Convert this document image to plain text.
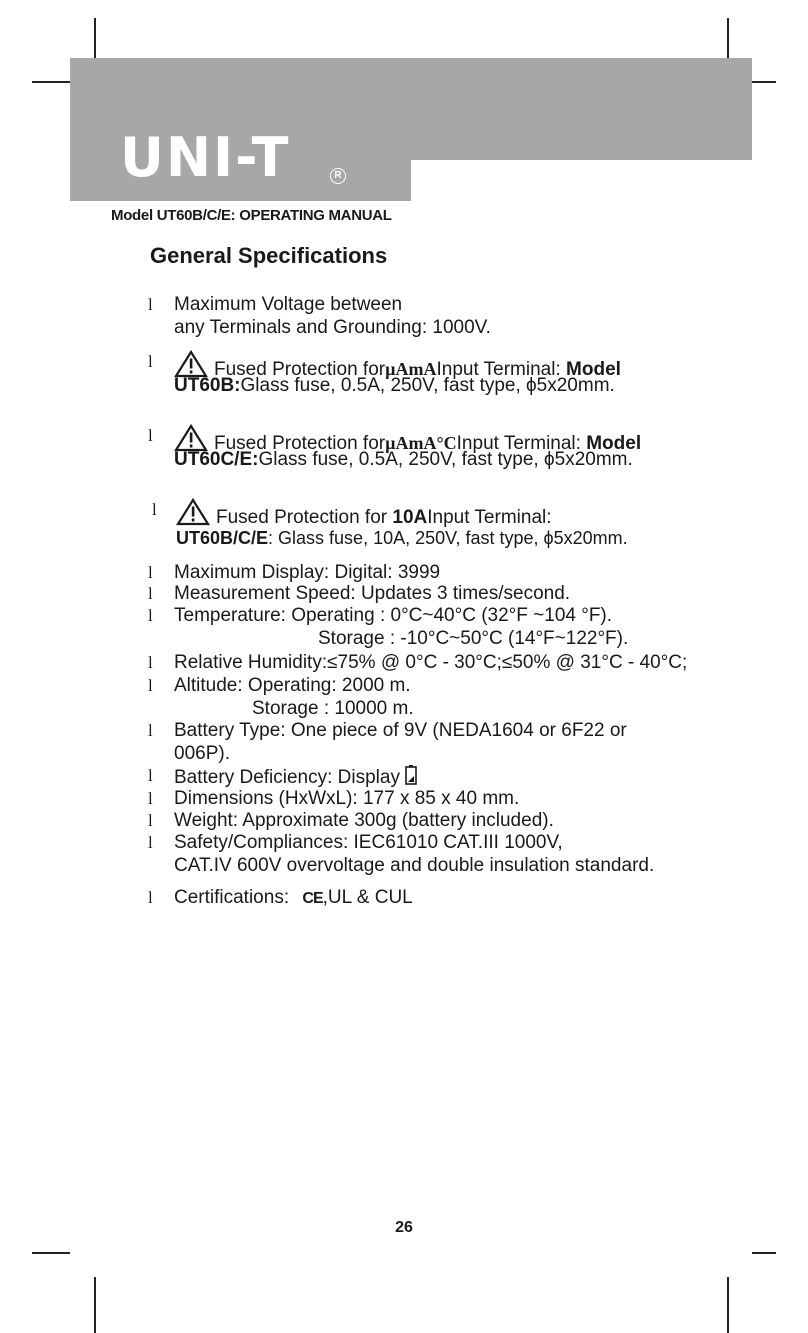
UNI-T	R
Model UT60B/C/E: OPERATING MANUAL
General Specifications
l Maximum Voltage between
any Terminals and Grounding: 1000V.
l	Fused Protection forµAmAInput Terminal: Model
UT60B:Glass fuse, 0.5A, 250V, fast type, ϕ5x20mm.
l	Fused Protection forµAmA°CInput Terminal: Model
UT60C/E:Glass fuse, 0.5A, 250V, fast type, ϕ5x20mm.
l	Fused Protection for 10AInput Terminal:
UT60B/C/E: Glass fuse, 10A, 250V, fast type, ϕ5x20mm.
l Maximum Display: Digital: 3999
l Measurement Speed: Updates 3 times/second.
l Temperature: Operating : 0°C~40°C (32°F ~104 °F).
Storage : -10°C~50°C (14°F~122°F).
l Relative Humidity:≤75% @ 0°C - 30°C;≤50% @ 31°C - 40°C;
l Altitude: Operating: 2000 m.
Storage : 10000 m.
l Battery Type: One piece of 9V (NEDA1604 or 6F22 or
006P).
l Battery Deficiency: Display
l Dimensions (HxWxL): 177 x 85 x 40 mm.
l Weight: Approximate 300g (battery included).
l Safety/Compliances: IEC61010 CAT.III 1000V,
CAT.IV 600V overvoltage and double insulation standard.
l Certifications: CE,UL & CUL
26
